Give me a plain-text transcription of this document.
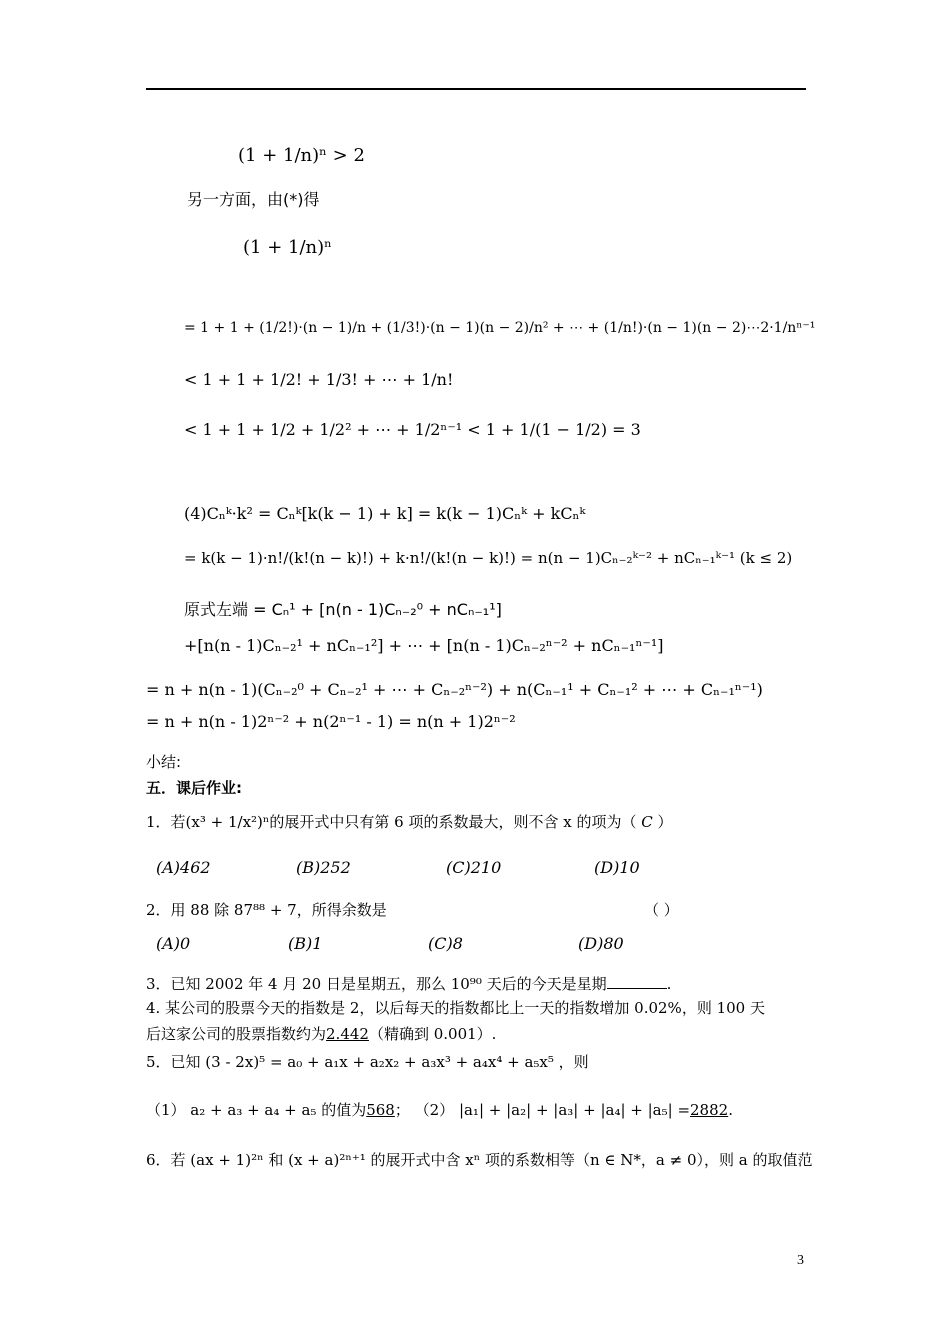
(1 + 1/n)ⁿ > 2
另一方面，由(*)得
(1 + 1/n)ⁿ
= 1 + 1 + (1/2!)·(n − 1)/n + (1/3!)·(n − 1)(n − 2)/n² + ⋯ + (1/n!)·(n − 1)(n − 2)⋯2·1/nⁿ⁻¹
< 1 + 1 + 1/2! + 1/3! + ⋯ + 1/n!
< 1 + 1 + 1/2 + 1/2² + ⋯ + 1/2ⁿ⁻¹ < 1 + 1/(1 − 1/2) = 3
(4)Cₙᵏ·k² = Cₙᵏ[k(k − 1) + k] = k(k − 1)Cₙᵏ + kCₙᵏ
= k(k − 1)·n!/(k!(n − k)!) + k·n!/(k!(n − k)!) = n(n − 1)Cₙ₋₂ᵏ⁻² + nCₙ₋₁ᵏ⁻¹ (k ≤ 2)
原式左端 = Cₙ¹ + [n(n - 1)Cₙ₋₂⁰ + nCₙ₋₁¹]
+[n(n - 1)Cₙ₋₂¹ + nCₙ₋₁²] + ⋯ + [n(n - 1)Cₙ₋₂ⁿ⁻² + nCₙ₋₁ⁿ⁻¹]
= n + n(n - 1)(Cₙ₋₂⁰ + Cₙ₋₂¹ + ⋯ + Cₙ₋₂ⁿ⁻²) + n(Cₙ₋₁¹ + Cₙ₋₁² + ⋯ + Cₙ₋₁ⁿ⁻¹)
= n + n(n - 1)2ⁿ⁻² + n(2ⁿ⁻¹ - 1) = n(n + 1)2ⁿ⁻²
小结:
五．课后作业:
1．若(x³ + 1/x²)ⁿ的展开式中只有第 6 项的系数最大，则不含 x 的项为（ C ）
(A)462	(B)252	(C)210	(D)10
2．用 88 除 87⁸⁸ + 7，所得余数是	（ ）
(A)0	(B)1	(C)8	(D)80
3．已知 2002 年 4 月 20 日是星期五，那么 10⁹⁰ 天后的今天是星期	.
4. 某公司的股票今天的指数是 2，以后每天的指数都比上一天的指数增加 0.02%，则 100 天
后这家公司的股票指数约为2.442（精确到 0.001）.
5．已知 (3 - 2x)⁵ = a₀ + a₁x + a₂x₂ + a₃x³ + a₄x⁴ + a₅x⁵ ，则
（1） a₂ + a₃ + a₄ + a₅ 的值为568； （2） |a₁| + |a₂| + |a₃| + |a₄| + |a₅| =2882.
6．若 (ax + 1)²ⁿ 和 (x + a)²ⁿ⁺¹ 的展开式中含 xⁿ 项的系数相等（n ∈ N*，a ≠ 0），则 a 的取值范
3
